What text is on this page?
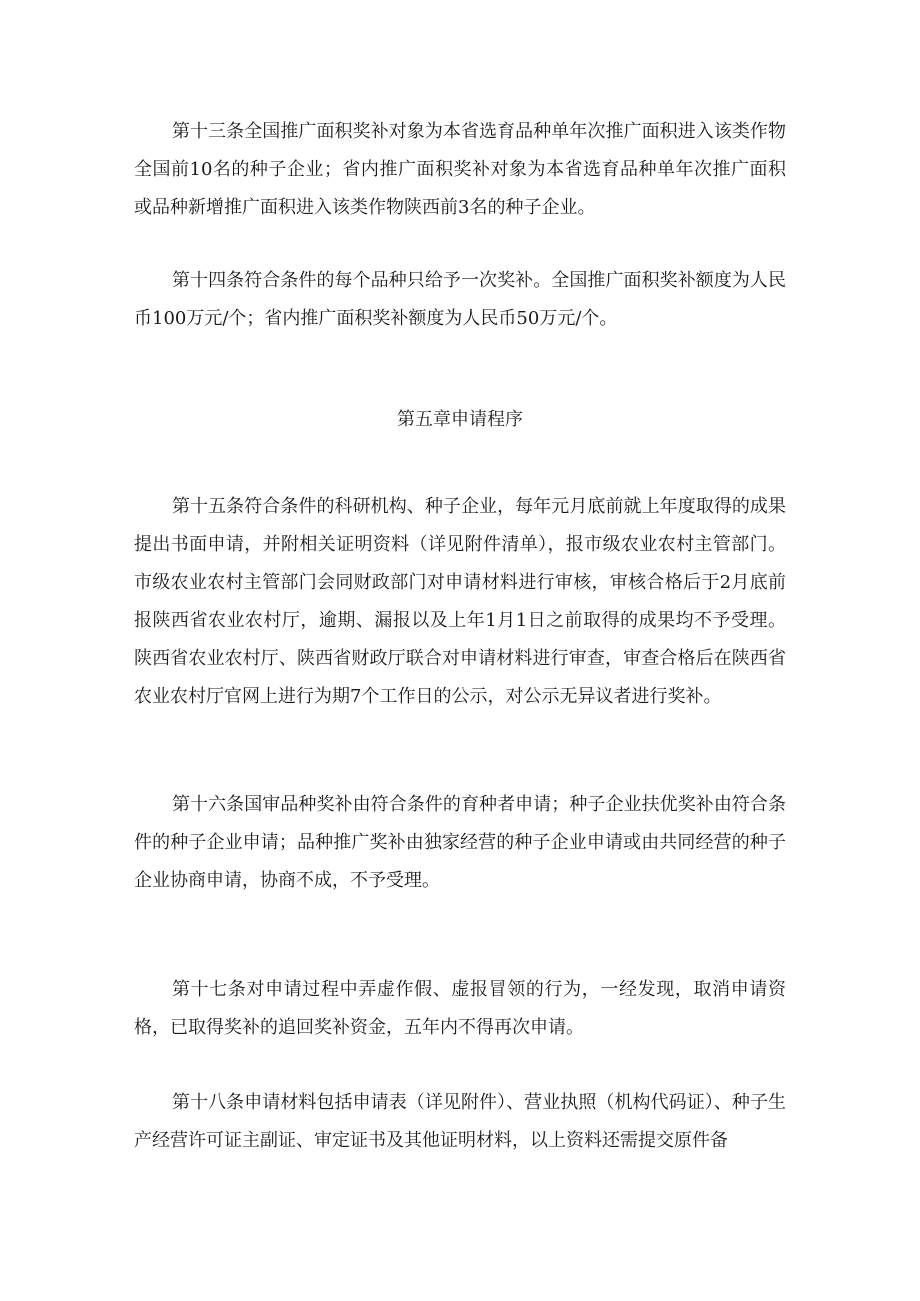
第十三条全国推广面积奖补对象为本省选育品种单年次推广面积进入该类作物全国前10名的种子企业；省内推广面积奖补对象为本省选育品种单年次推广面积或品种新增推广面积进入该类作物陕西前3名的种子企业。

第十四条符合条件的每个品种只给予一次奖补。全国推广面积奖补额度为人民币100万元/个；省内推广面积奖补额度为人民币50万元/个。

第五章申请程序

第十五条符合条件的科研机构、种子企业，每年元月底前就上年度取得的成果提出书面申请，并附相关证明资料（详见附件清单），报市级农业农村主管部门。市级农业农村主管部门会同财政部门对申请材料进行审核，审核合格后于2月底前报陕西省农业农村厅，逾期、漏报以及上年1月1日之前取得的成果均不予受理。陕西省农业农村厅、陕西省财政厅联合对申请材料进行审查，审查合格后在陕西省农业农村厅官网上进行为期7个工作日的公示，对公示无异议者进行奖补。

第十六条国审品种奖补由符合条件的育种者申请；种子企业扶优奖补由符合条件的种子企业申请；品种推广奖补由独家经营的种子企业申请或由共同经营的种子企业协商申请，协商不成，不予受理。

第十七条对申请过程中弄虚作假、虚报冒领的行为，一经发现，取消申请资格，已取得奖补的追回奖补资金，五年内不得再次申请。

第十八条申请材料包括申请表（详见附件）、营业执照（机构代码证）、种子生产经营许可证主副证、审定证书及其他证明材料，以上资料还需提交原件备
